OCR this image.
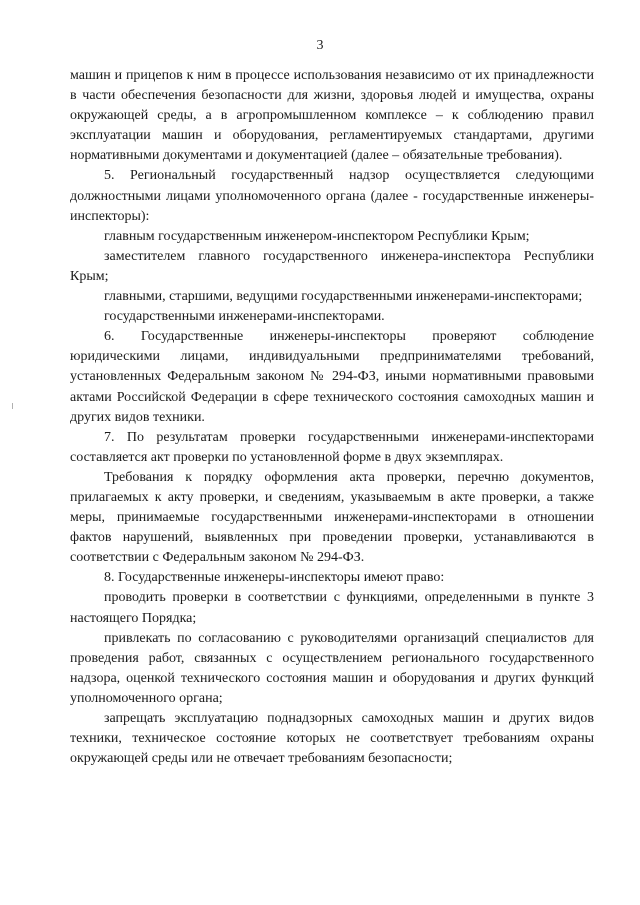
3

машин и прицепов к ним в процессе использования независимо от их принадлежности в части обеспечения безопасности для жизни, здоровья людей и имущества, охраны окружающей среды, а в агропромышленном комплексе – к соблюдению правил эксплуатации машин и оборудования, регламентируемых стандартами, другими нормативными документами и документацией (далее – обязательные требования).

5. Региональный государственный надзор осуществляется следующими должностными лицами уполномоченного органа (далее - государственные инженеры-инспекторы):

главным государственным инженером-инспектором Республики Крым;

заместителем главного государственного инженера-инспектора Республики Крым;

главными, старшими, ведущими государственными инженерами-инспекторами;

государственными инженерами-инспекторами.

6. Государственные инженеры-инспекторы проверяют соблюдение юридическими лицами, индивидуальными предпринимателями требований, установленных Федеральным законом № 294-ФЗ, иными нормативными правовыми актами Российской Федерации в сфере технического состояния самоходных машин и других видов техники.

7. По результатам проверки государственными инженерами-инспекторами составляется акт проверки по установленной форме в двух экземплярах.

Требования к порядку оформления акта проверки, перечню документов, прилагаемых к акту проверки, и сведениям, указываемым в акте проверки, а также меры, принимаемые государственными инженерами-инспекторами в отношении фактов нарушений, выявленных при проведении проверки, устанавливаются в соответствии с Федеральным законом № 294-ФЗ.

8. Государственные инженеры-инспекторы имеют право:

проводить проверки в соответствии с функциями, определенными в пункте 3 настоящего Порядка;

привлекать по согласованию с руководителями организаций специалистов для проведения работ, связанных с осуществлением регионального государственного надзора, оценкой технического состояния машин и оборудования и других функций уполномоченного органа;

запрещать эксплуатацию поднадзорных самоходных машин и других видов техники, техническое состояние которых не соответствует требованиям охраны окружающей среды или не отвечает требованиям безопасности;
